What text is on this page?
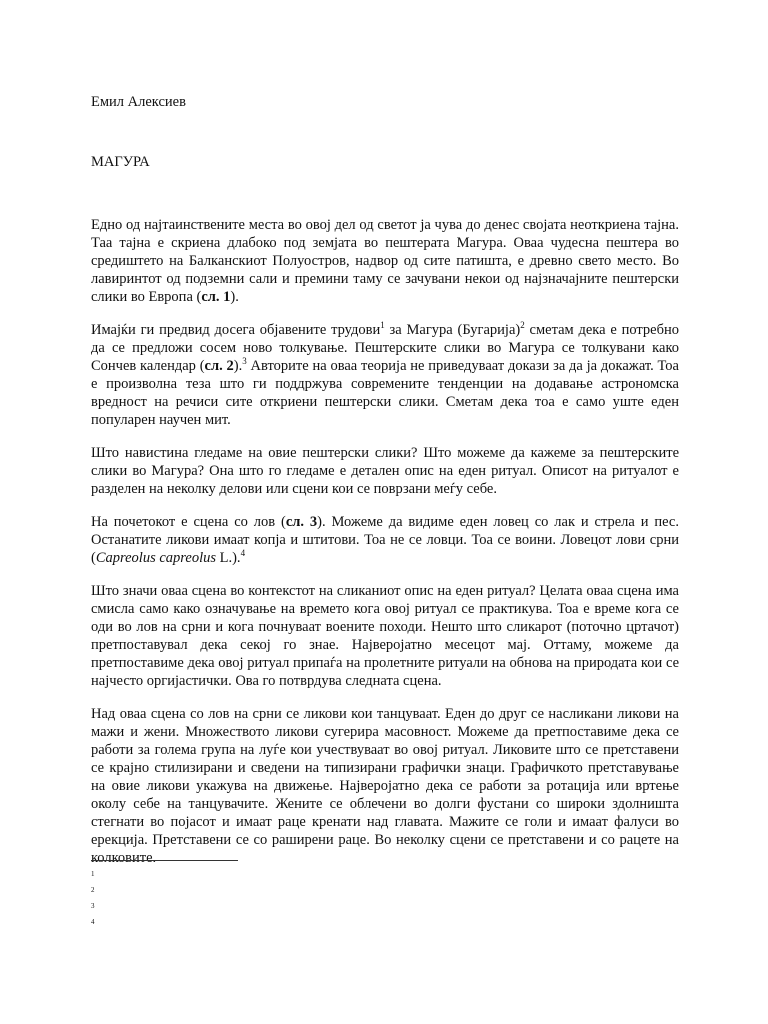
Емил Алексиев
МАГУРА

Едно од најтаинствените места во овој дел од светот ја чува до денес својата неоткриена тајна. Таа тајна е скриена длабоко под земјата во пештерата Магура. Оваа чудесна пештера во средиштето на Балканскиот Полуостров, надвор од сите патишта, е древно свето место. Во лавиринтот од подземни сали и премини таму се зачувани некои од најзначајните пештерски слики во Европа (сл. 1).

Имајќи ги предвид досега објавените трудови$^1$ за Магура (Бугарија)$^2$ сметам дека е потребно да се предложи сосем ново толкување. Пештерските слики во Магура се толкувани како Сончев календар (сл. 2).$^3$ Авторите на оваа теорија не приведуваат докази за да ја докажат. Тоа е произволна теза што ги поддржува современите тенденции на додавање астрономска вредност на речиси сите откриени пештерски слики. Сметам дека тоа е само уште еден популарен научен мит.

Што навистина гледаме на овие пештерски слики? Што можеме да кажеме за пештерските слики во Магура? Она што го гледаме е детален опис на еден ритуал. Описот на ритуалот е разделен на неколку делови или сцени кои се поврзани меѓу себе.

На почетокот е сцена со лов (сл. 3). Можеме да видиме еден ловец со лак и стрела и пес. Останатите ликови имаат копја и штитови. Тоа не се ловци. Тоа се воини. Ловецот лови срни (Capreolus capreolus L.).$^4$

Што значи оваа сцена во контекстот на сликаниот опис на еден ритуал? Целата оваа сцена има смисла само како означување на времето кога овој ритуал се практикува. Тоа е време кога се оди во лов на срни и кога почнуваат воените походи. Нешто што сликарот (поточно цртачот) претпоставувал дека секој го знае. Најверојатно месецот мај. Оттаму, можеме да претпоставиме дека овој ритуал припаѓа на пролетните ритуали на обнова на природата кои се најчесто оргијастички. Ова го потврдува следната сцена.

Над оваа сцена со лов на срни се ликови кои танцуваат. Еден до друг се насликани ликови на мажи и жени. Множеството ликови сугерира масовност. Можеме да претпоставиме дека се работи за голема група на луѓе кои учествуваат во овој ритуал. Ликовите што се претставени се крајно стилизирани и сведени на типизирани графички знаци. Графичкото претставување на овие ликови укажува на движење. Најверојатно дека се работи за ротација или вртење околу себе на танцувачите. Жените се облечени во долги фустани со широки здолништа стегнати во појасот и имаат раце кренати над главата. Мажите се голи и имаат фалуси во ерекција. Претставени се со раширени раце. Во неколку сцени се претставени и со рацете на колковите.

1
2
3
4
